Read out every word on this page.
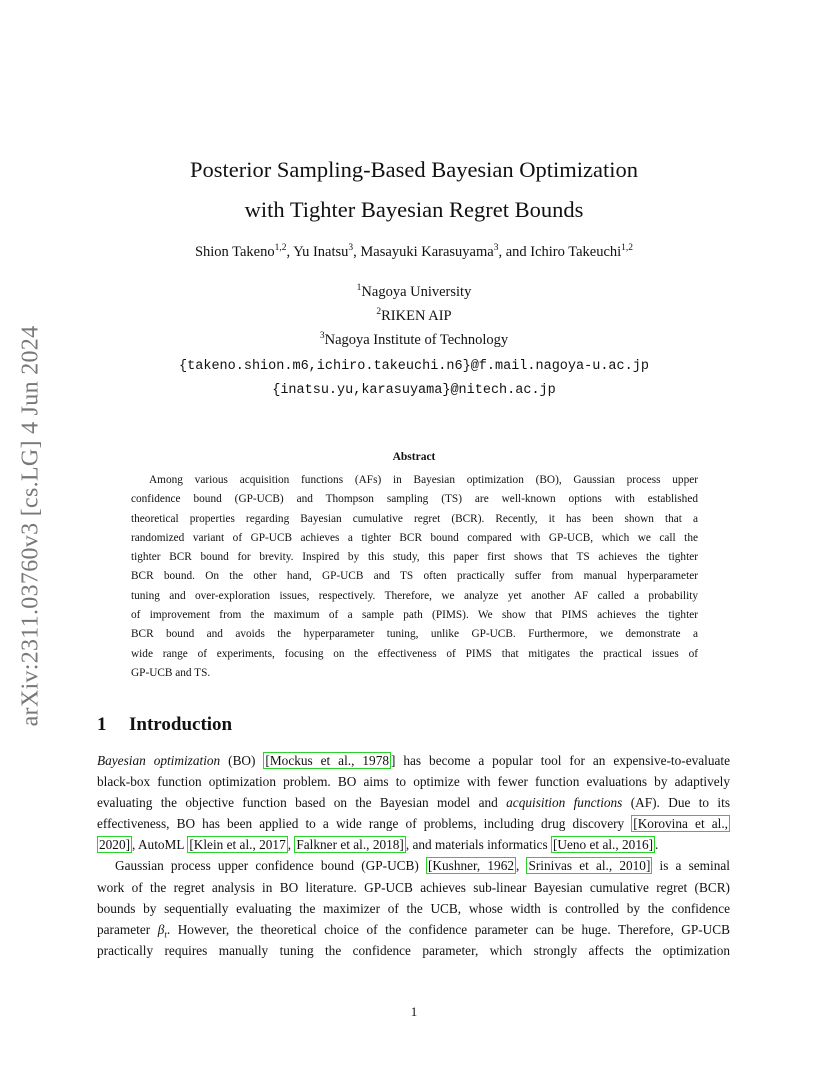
arXiv:2311.03760v3 [cs.LG] 4 Jun 2024
Posterior Sampling-Based Bayesian Optimization
with Tighter Bayesian Regret Bounds
Shion Takeno$^{1,2}$, Yu Inatsu$^3$, Masayuki Karasuyama$^3$, and Ichiro Takeuchi$^{1,2}$
$^1$Nagoya University
$^2$RIKEN AIP
$^3$Nagoya Institute of Technology
{takeno.shion.m6,ichiro.takeuchi.n6}@f.mail.nagoya-u.ac.jp
{inatsu.yu,karasuyama}@nitech.ac.jp
Abstract
Among various acquisition functions (AFs) in Bayesian optimization (BO), Gaussian process upper
confidence bound (GP-UCB) and Thompson sampling (TS) are well-known options with established
theoretical properties regarding Bayesian cumulative regret (BCR). Recently, it has been shown that a
randomized variant of GP-UCB achieves a tighter BCR bound compared with GP-UCB, which we call the
tighter BCR bound for brevity. Inspired by this study, this paper first shows that TS achieves the tighter
BCR bound. On the other hand, GP-UCB and TS often practically suffer from manual hyperparameter
tuning and over-exploration issues, respectively. Therefore, we analyze yet another AF called a probability
of improvement from the maximum of a sample path (PIMS). We show that PIMS achieves the tighter
BCR bound and avoids the hyperparameter tuning, unlike GP-UCB. Furthermore, we demonstrate a
wide range of experiments, focusing on the effectiveness of PIMS that mitigates the practical issues of
GP-UCB and TS.
1 Introduction
Bayesian optimization (BO) [Mockus et al., 1978 ] has become a popular tool for an expensive-to-evaluate
black-box function optimization problem. BO aims to optimize with fewer function evaluations by adaptively
evaluating the objective function based on the Bayesian model and acquisition functions (AF). Due to its
effectiveness, BO has been applied to a wide range of problems, including drug discovery [Korovina et al.,
2020] , AutoML [Klein et al., 2017 , Falkner et al., 2018] , and materials informatics [Ueno et al., 2016] .
Gaussian process upper confidence bound (GP-UCB) [Kushner, 1962 , Srinivas et al., 2010] is a seminal
work of the regret analysis in BO literature. GP-UCB achieves sub-linear Bayesian cumulative regret (BCR)
bounds by sequentially evaluating the maximizer of the UCB, whose width is controlled by the confidence
parameter $\beta_t$. However, the theoretical choice of the confidence parameter can be huge. Therefore, GP-UCB
practically requires manually tuning the confidence parameter, which strongly affects the optimization
1
